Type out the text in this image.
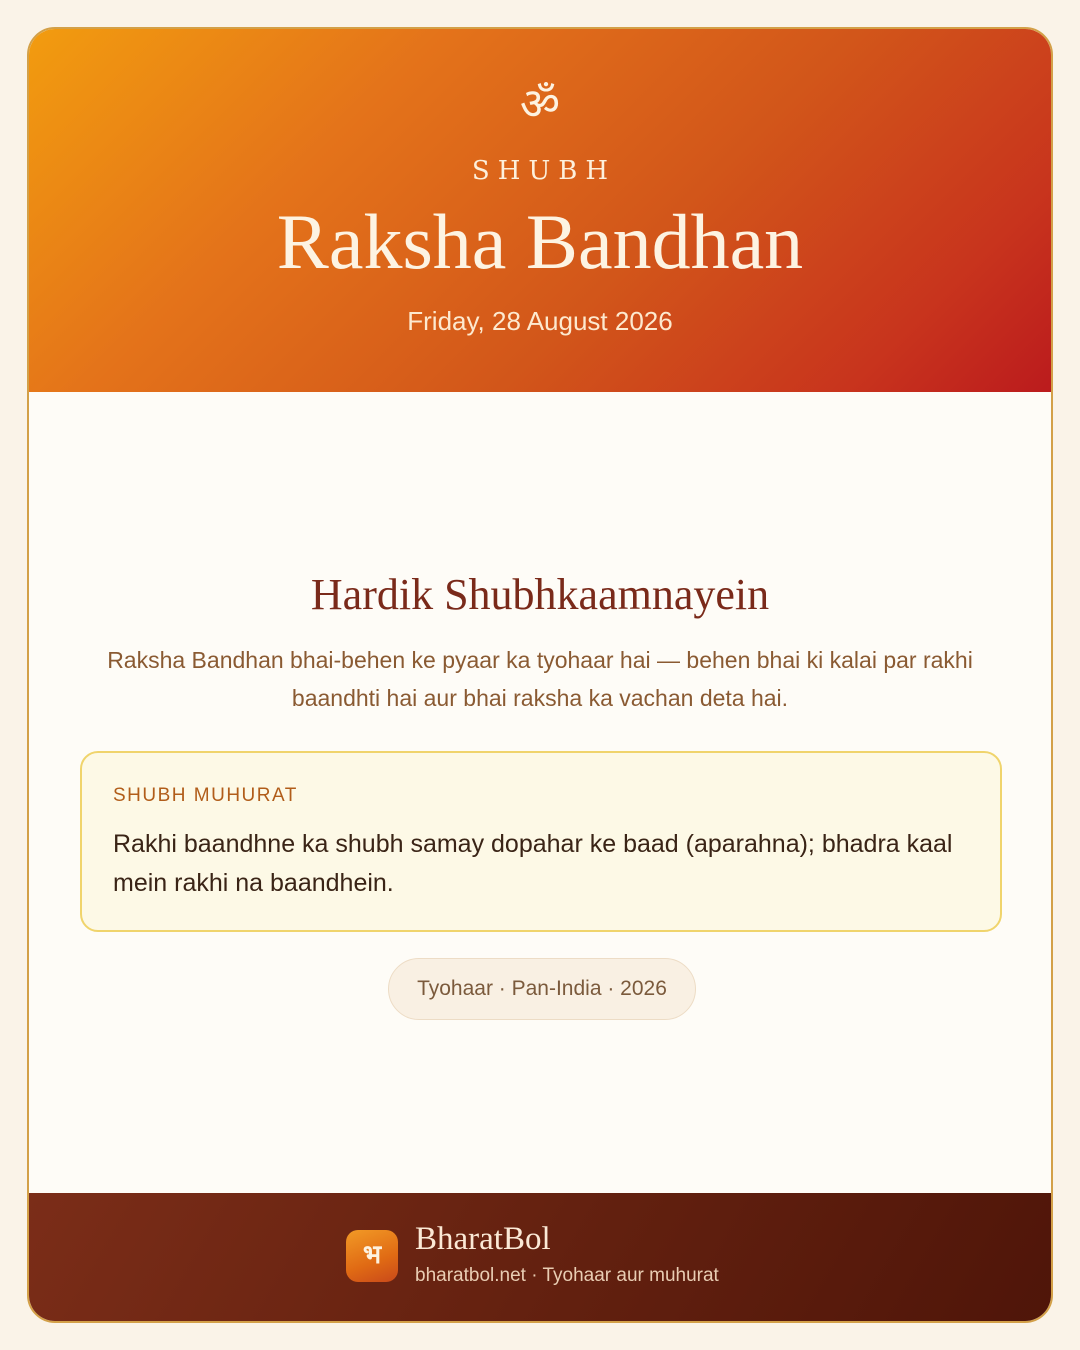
ॐ
SHUBH
Raksha Bandhan
Friday, 28 August 2026
Hardik Shubhkaamnayein
Raksha Bandhan bhai-behen ke pyaar ka tyohaar hai — behen bhai ki kalai par rakhi baandhti hai aur bhai raksha ka vachan deta hai.
SHUBH MUHURAT
Rakhi baandhne ka shubh samay dopahar ke baad (aparahna); bhadra kaal mein rakhi na baandhein.
Tyohaar · Pan-India · 2026
भ	BharatBol
bharatbol.net · Tyohaar aur muhurat
